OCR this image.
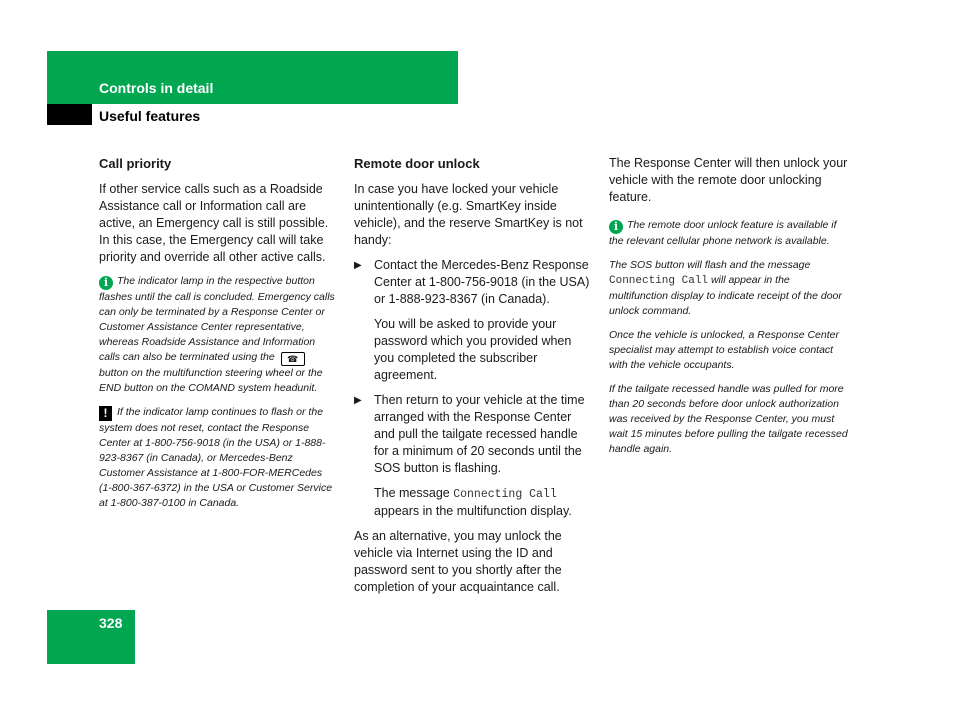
Controls in detail
Useful features
Call priority
If other service calls such as a Roadside Assistance call or Information call are active, an Emergency call is still possible. In this case, the Emergency call will take priority and override all other active calls.
i The indicator lamp in the respective button flashes until the call is concluded. Emergency calls can only be terminated by a Response Center or Customer Assistance Center representative, whereas Roadside Assistance and Information calls can also be terminated using the ☎ button on the multifunction steering wheel or the END button on the COMAND system headunit.
! If the indicator lamp continues to flash or the system does not reset, contact the Response Center at 1-800-756-9018 (in the USA) or 1-888-923-8367 (in Canada), or Mercedes-Benz Customer Assistance at 1-800-FOR-MERCedes (1-800-367-6372) in the USA or Customer Service at 1-800-387-0100 in Canada.
Remote door unlock
In case you have locked your vehicle unintentionally (e.g. SmartKey inside vehicle), and the reserve SmartKey is not handy:
▶ Contact the Mercedes-Benz Response Center at 1-800-756-9018 (in the USA) or 1-888-923-8367 (in Canada).
You will be asked to provide your password which you provided when you completed the subscriber agreement.
▶ Then return to your vehicle at the time arranged with the Response Center and pull the tailgate recessed handle for a minimum of 20 seconds until the SOS button is flashing.
The message Connecting Call appears in the multifunction display.
As an alternative, you may unlock the vehicle via Internet using the ID and password sent to you shortly after the completion of your acquaintance call.
The Response Center will then unlock your vehicle with the remote door unlocking feature.
i The remote door unlock feature is available if the relevant cellular phone network is available.
The SOS button will flash and the message Connecting Call will appear in the multifunction display to indicate receipt of the door unlock command.
Once the vehicle is unlocked, a Response Center specialist may attempt to establish voice contact with the vehicle occupants.
If the tailgate recessed handle was pulled for more than 20 seconds before door unlock authorization was received by the Response Center, you must wait 15 minutes before pulling the tailgate recessed handle again.
328
